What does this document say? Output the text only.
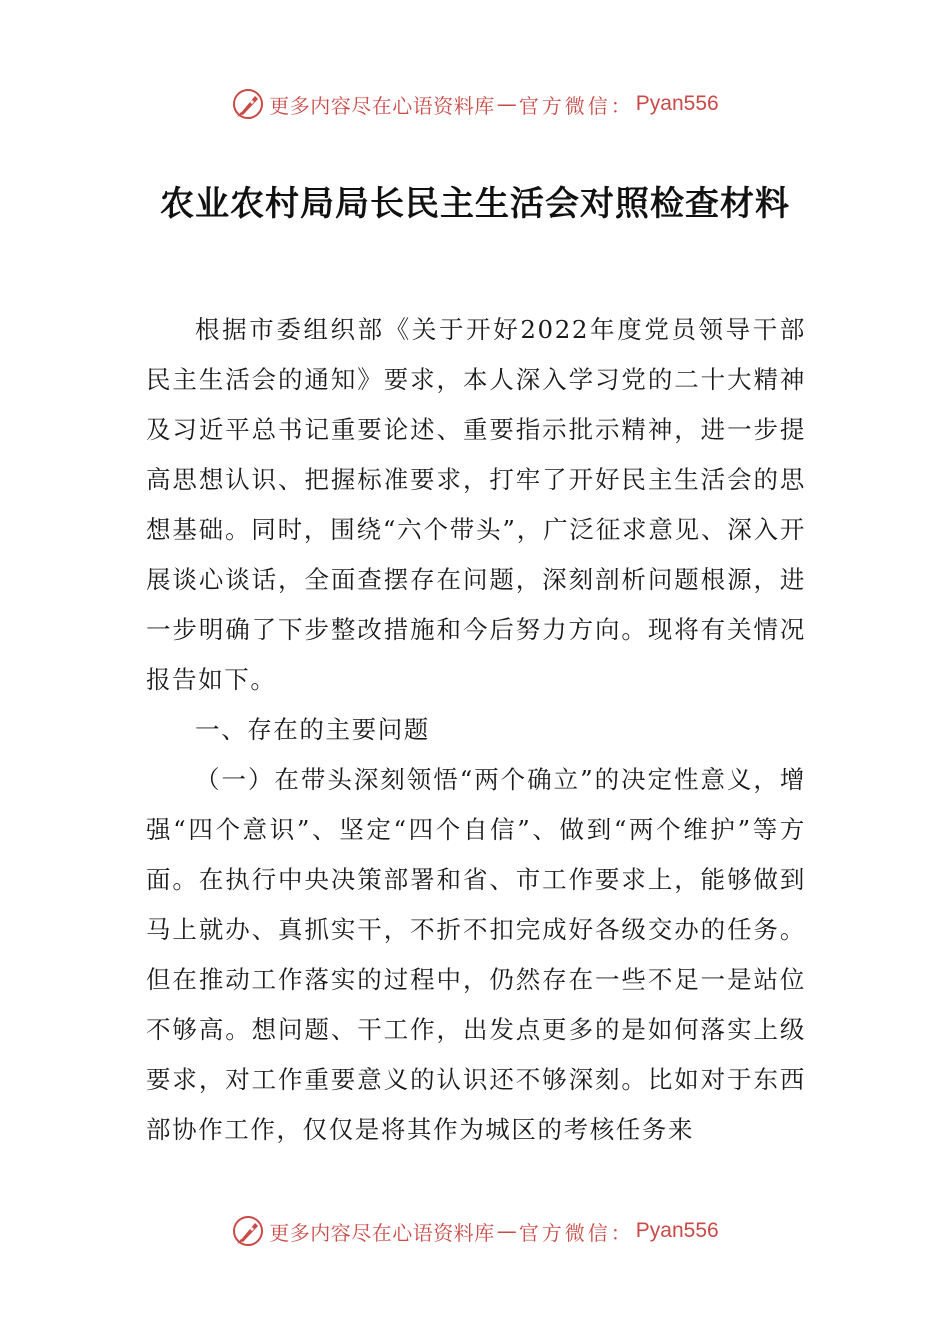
更多内容尽在心语资料库 — 官方微信： Pyan556
农业农村局局长民主生活会对照检查材料

根据市委组织部《关于开好2022年度党员领导干部民主生活会的通知》要求，本人深入学习党的二十大精神及习近平总书记重要论述、重要指示批示精神，进一步提高思想认识、把握标准要求，打牢了开好民主生活会的思想基础。同时，围绕“六个带头”，广泛征求意见、深入开展谈心谈话，全面查摆存在问题，深刻剖析问题根源，进一步明确了下步整改措施和今后努力方向。现将有关情况报告如下。

一、存在的主要问题

（一）在带头深刻领悟“两个确立”的决定性意义，增强“四个意识”、坚定“四个自信”、做到“两个维护”等方面。在执行中央决策部署和省、市工作要求上，能够做到马上就办、真抓实干，不折不扣完成好各级交办的任务。但在推动工作落实的过程中，仍然存在一些不足一是站位不够高。想问题、干工作，出发点更多的是如何落实上级要求，对工作重要意义的认识还不够深刻。比如对于东西部协作工作，仅仅是将其作为城区的考核任务来

更多内容尽在心语资料库 — 官方微信： Pyan556
